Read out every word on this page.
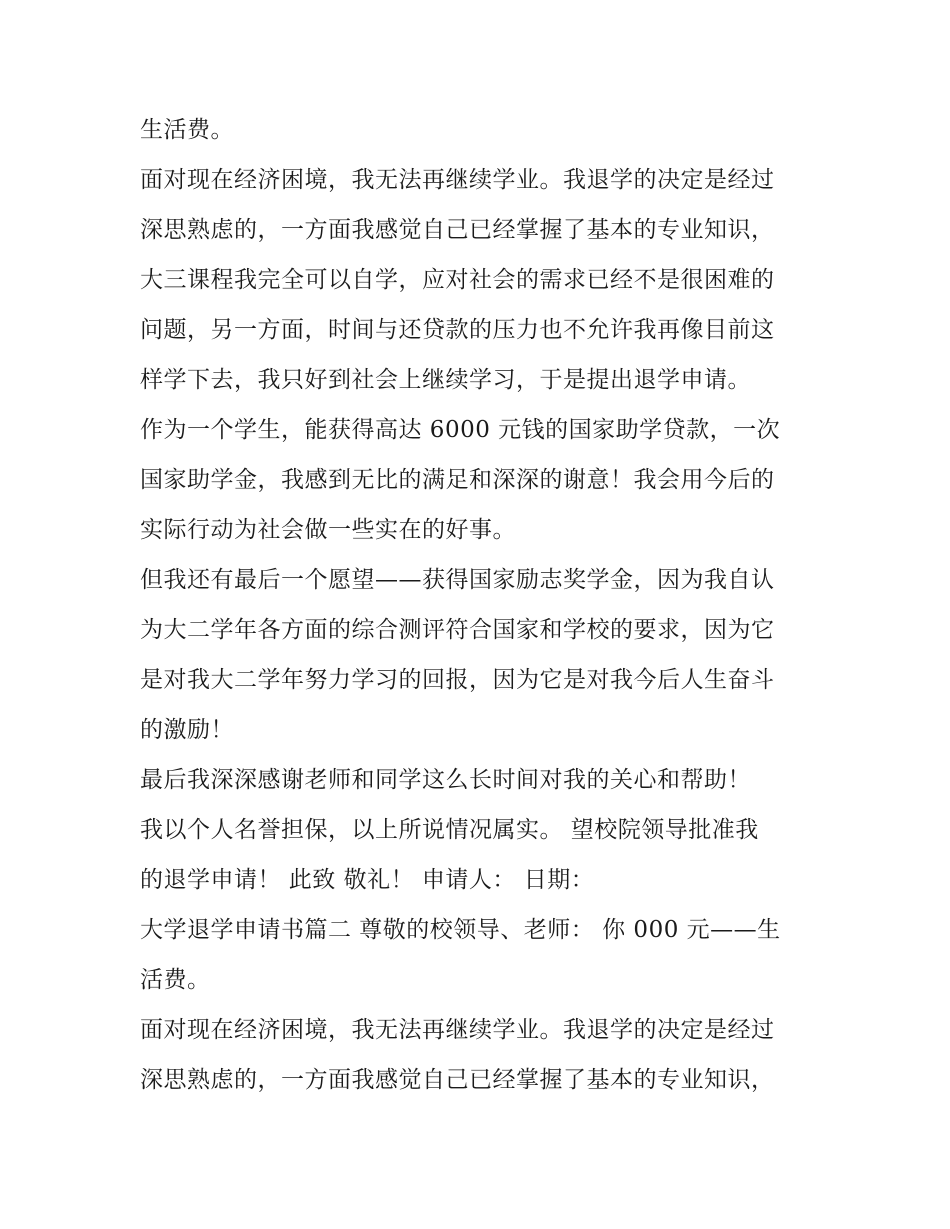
生活费。
面对现在经济困境，我无法再继续学业。我退学的决定是经过
深思熟虑的，一方面我感觉自己已经掌握了基本的专业知识，
大三课程我完全可以自学，应对社会的需求已经不是很困难的
问题，另一方面，时间与还贷款的压力也不允许我再像目前这
样学下去，我只好到社会上继续学习，于是提出退学申请。
作为一个学生，能获得高达 6000 元钱的国家助学贷款，一次
国家助学金，我感到无比的满足和深深的谢意！我会用今后的
实际行动为社会做一些实在的好事。
但我还有最后一个愿望——获得国家励志奖学金，因为我自认
为大二学年各方面的综合测评符合国家和学校的要求，因为它
是对我大二学年努力学习的回报，因为它是对我今后人生奋斗
的激励！
最后我深深感谢老师和同学这么长时间对我的关心和帮助！
我以个人名誉担保，以上所说情况属实。 望校院领导批准我
的退学申请！ 此致 敬礼！ 申请人： 日期：
大学退学申请书篇二 尊敬的校领导、老师： 你 000 元——生
活费。
面对现在经济困境，我无法再继续学业。我退学的决定是经过
深思熟虑的，一方面我感觉自己已经掌握了基本的专业知识，
